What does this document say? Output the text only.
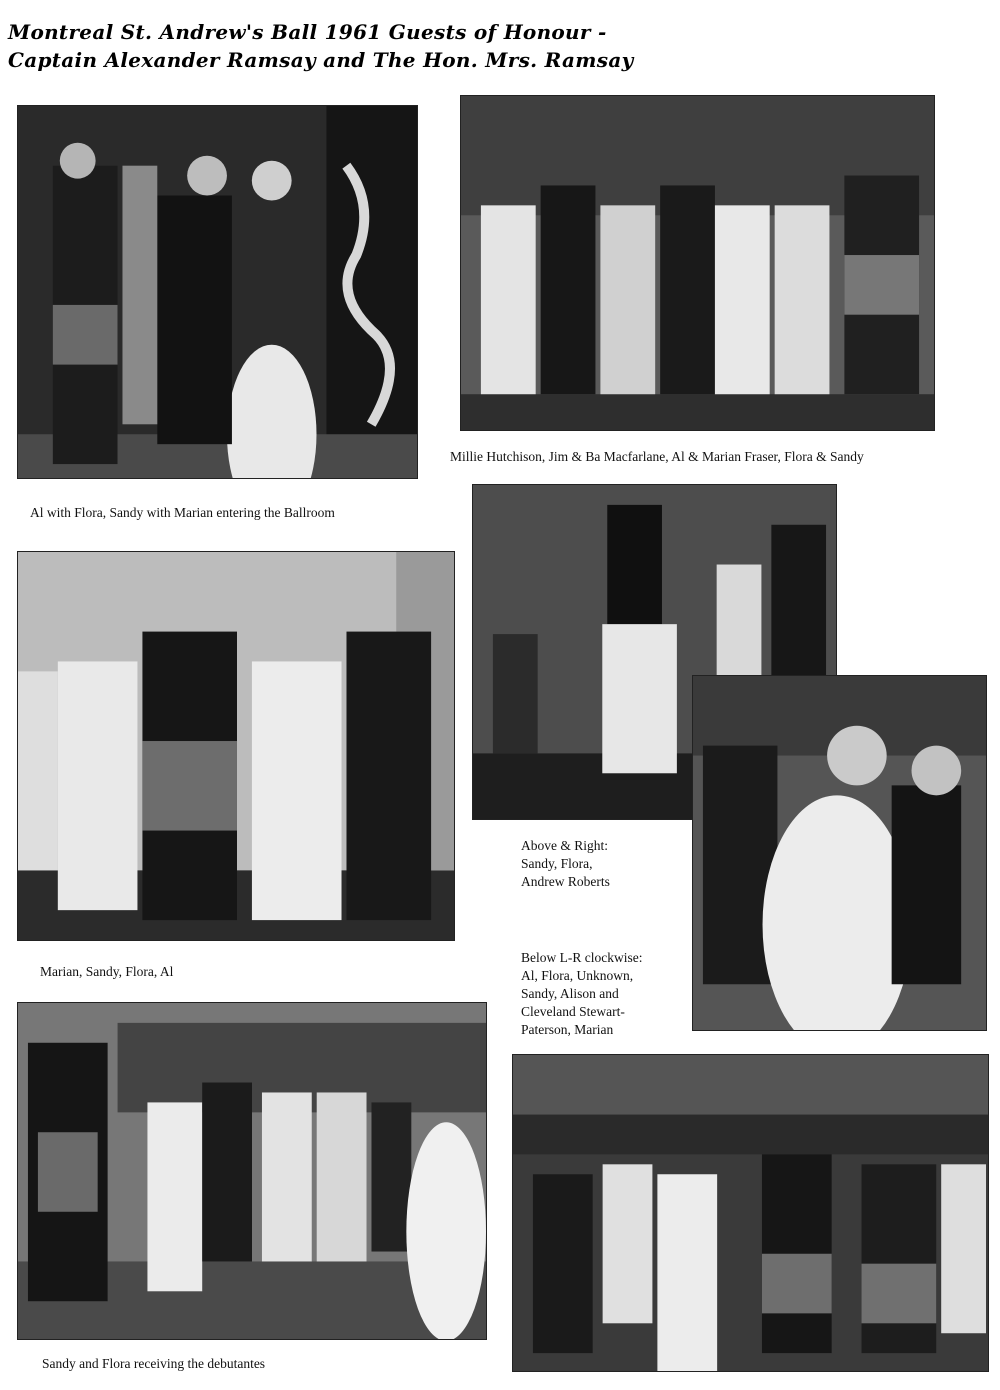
Montreal St. Andrew's Ball 1961 Guests of Honour -
Captain Alexander Ramsay and The Hon. Mrs. Ramsay
Millie Hutchison, Jim & Ba Macfarlane, Al & Marian Fraser, Flora & Sandy
Al with Flora, Sandy with Marian entering the Ballroom
Above & Right:
Sandy, Flora,
Andrew Roberts
Below L-R clockwise:
Al, Flora, Unknown,
Sandy, Alison and
Cleveland Stewart-
Paterson, Marian
Marian, Sandy, Flora, Al
Sandy and Flora receiving the debutantes
